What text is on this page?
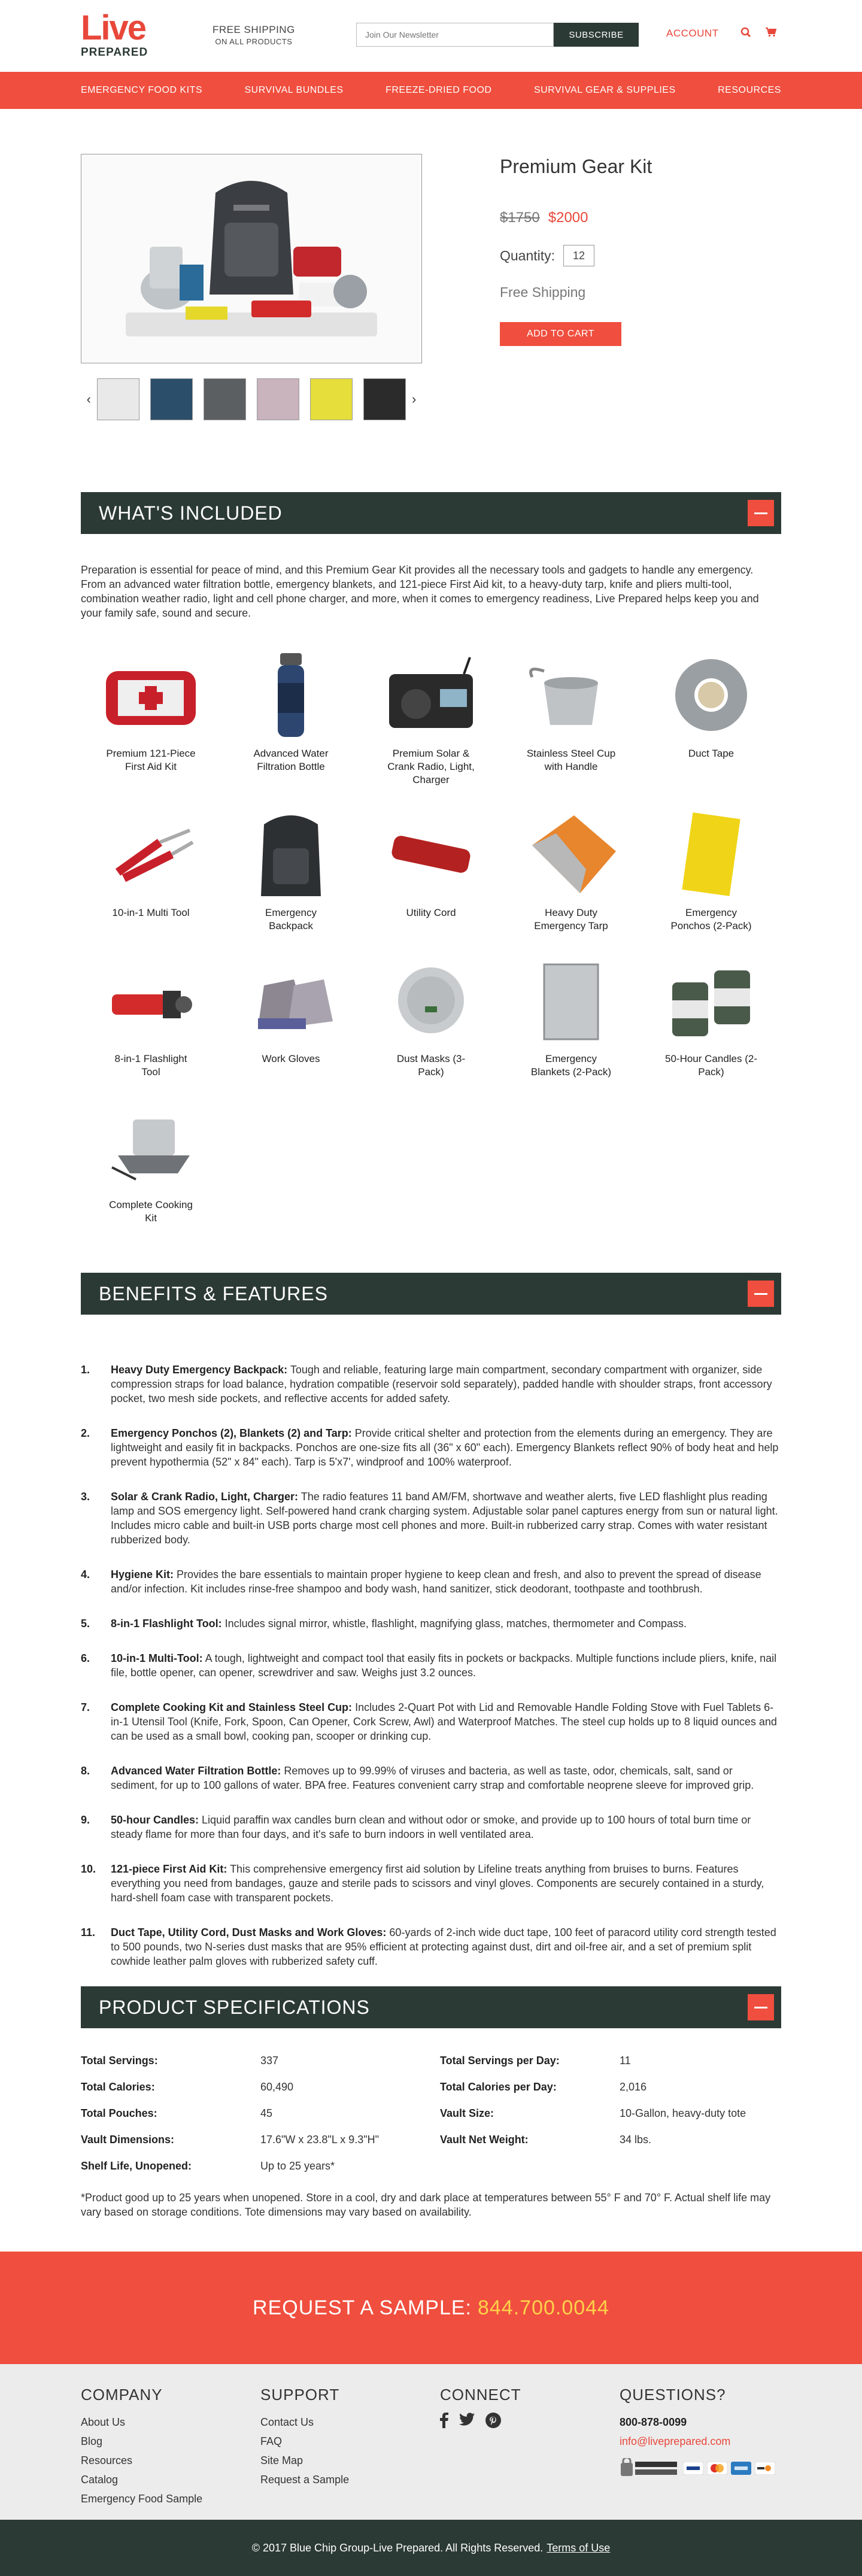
Live
PREPARED
FREE SHIPPING
ON ALL PRODUCTS
Join Our Newsletter
SUBSCRIBE	ACCOUNT
EMERGENCY FOOD KITS	SURVIVAL BUNDLES	FREEZE-DRIED FOOD	SURVIVAL GEAR & SUPPLIES	RESOURCES
‹	›
Premium Gear Kit
$1750 $2000
Quantity:
12
Free Shipping
ADD TO CART
WHAT'S INCLUDED

Preparation is essential for peace of mind, and this Premium Gear Kit provides all the necessary tools and gadgets to handle any emergency. From an advanced water filtration bottle, emergency blankets, and 121-piece First Aid kit, to a heavy-duty tarp, knife and pliers multi-tool, combination weather radio, light and cell phone charger, and more, when it comes to emergency readiness, Live Prepared helps keep you and your family safe, sound and secure.

Premium 121-Piece First Aid Kit
Advanced Water Filtration Bottle
Premium Solar & Crank Radio, Light, Charger
Stainless Steel Cup with Handle
Duct Tape
10-in-1 Multi Tool	Emergency Backpack
Utility Cord	Heavy Duty Emergency Tarp
Emergency Ponchos (2-Pack)
8-in-1 Flashlight Tool
Work Gloves	Dust Masks (3-Pack)
Emergency Blankets (2-Pack)
50-Hour Candles (2-Pack)
Complete Cooking Kit
BENEFITS & FEATURES
1.	Heavy Duty Emergency Backpack: Tough and reliable, featuring large main compartment, secondary compartment with organizer, side compression straps for load balance, hydration compatible (reservoir sold separately), padded handle with shoulder straps, front accessory pocket, two mesh side pockets, and reflective accents for added safety.
2.	Emergency Ponchos (2), Blankets (2) and Tarp: Provide critical shelter and protection from the elements during an emergency. They are lightweight and easily fit in backpacks. Ponchos are one-size fits all (36" x 60" each). Emergency Blankets reflect 90% of body heat and help prevent hypothermia (52" x 84" each). Tarp is 5'x7', windproof and 100% waterproof.
3.	Solar & Crank Radio, Light, Charger: The radio features 11 band AM/FM, shortwave and weather alerts, five LED flashlight plus reading lamp and SOS emergency light. Self-powered hand crank charging system. Adjustable solar panel captures energy from sun or natural light. Includes micro cable and built-in USB ports charge most cell phones and more. Built-in rubberized carry strap. Comes with water resistant rubberized body.
4.	Hygiene Kit: Provides the bare essentials to maintain proper hygiene to keep clean and fresh, and also to prevent the spread of disease and/or infection. Kit includes rinse-free shampoo and body wash, hand sanitizer, stick deodorant, toothpaste and toothbrush.
5.	8-in-1 Flashlight Tool: Includes signal mirror, whistle, flashlight, magnifying glass, matches, thermometer and Compass.
6.	10-in-1 Multi-Tool: A tough, lightweight and compact tool that easily fits in pockets or backpacks. Multiple functions include pliers, knife, nail file, bottle opener, can opener, screwdriver and saw. Weighs just 3.2 ounces.
7.	Complete Cooking Kit and Stainless Steel Cup: Includes 2-Quart Pot with Lid and Removable Handle Folding Stove with Fuel Tablets 6-in-1 Utensil Tool (Knife, Fork, Spoon, Can Opener, Cork Screw, Awl) and Waterproof Matches. The steel cup holds up to 8 liquid ounces and can be used as a small bowl, cooking pan, scooper or drinking cup.
8.	Advanced Water Filtration Bottle: Removes up to 99.99% of viruses and bacteria, as well as taste, odor, chemicals, salt, sand or sediment, for up to 100 gallons of water. BPA free. Features convenient carry strap and comfortable neoprene sleeve for improved grip.
9.	50-hour Candles: Liquid paraffin wax candles burn clean and without odor or smoke, and provide up to 100 hours of total burn time or steady flame for more than four days, and it's safe to burn indoors in well ventilated area.
10.	121-piece First Aid Kit: This comprehensive emergency first aid solution by Lifeline treats anything from bruises to burns. Features everything you need from bandages, gauze and sterile pads to scissors and vinyl gloves. Components are securely contained in a sturdy, hard-shell foam case with transparent pockets.
11.	Duct Tape, Utility Cord, Dust Masks and Work Gloves: 60-yards of 2-inch wide duct tape, 100 feet of paracord utility cord strength tested to 500 pounds, two N-series dust masks that are 95% efficient at protecting against dust, dirt and oil-free air, and a set of premium split cowhide leather palm gloves with rubberized safety cuff.
PRODUCT SPECIFICATIONS
Total Servings:	337	Total Servings per Day:	11
Total Calories:	60,490	Total Calories per Day:	2,016
Total Pouches:	45	Vault Size:	10-Gallon, heavy-duty tote
Vault Dimensions:	17.6"W x 23.8"L x 9.3"H"	Vault Net Weight:	34 lbs.
Shelf Life, Unopened:	Up to 25 years*

*Product good up to 25 years when unopened. Store in a cool, dry and dark place at temperatures between 55° F and 70° F. Actual shelf life may vary based on storage conditions. Tote dimensions may vary based on availability.

REQUEST A SAMPLE: 844.700.0044
COMPANY
About Us
Blog
Resources
Catalog
Emergency Food Sample
SUPPORT
Contact Us
FAQ
Site Map
Request a Sample
CONNECT	QUESTIONS?
800-878-0099
info@liveprepared.com
© 2017 Blue Chip Group-Live Prepared. All Rights Reserved. Terms of Use
